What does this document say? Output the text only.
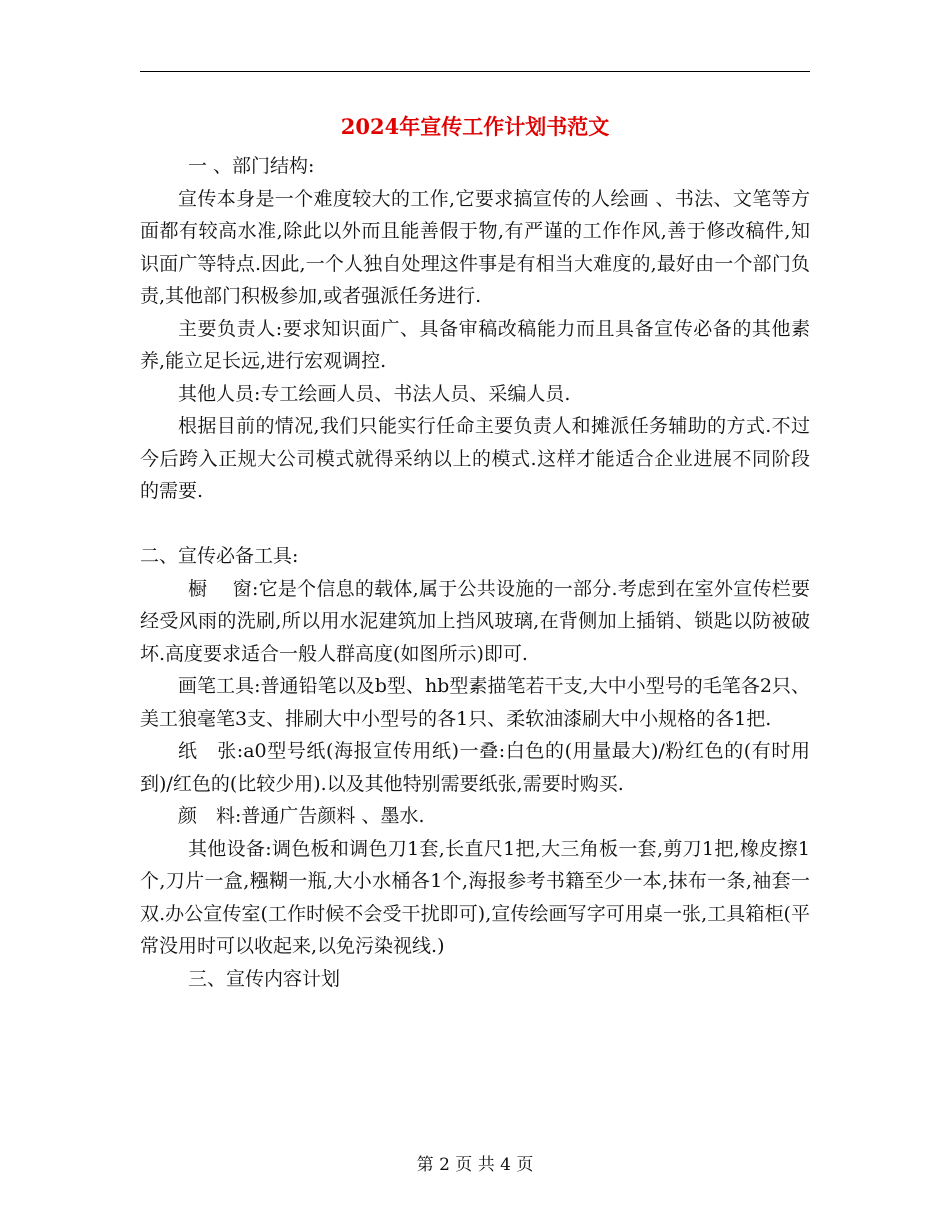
2024年宣传工作计划书范文

一 、部门结构:

宣传本身是一个难度较大的工作,它要求搞宣传的人绘画 、书法、文笔等方面都有较高水准,除此以外而且能善假于物,有严谨的工作作风,善于修改稿件,知识面广等特点.因此,一个人独自处理这件事是有相当大难度的,最好由一个部门负责,其他部门积极参加,或者强派任务进行.

主要负责人:要求知识面广、具备审稿改稿能力而且具备宣传必备的其他素养,能立足长远,进行宏观调控.

其他人员:专工绘画人员、书法人员、采编人员.

根据目前的情况,我们只能实行任命主要负责人和摊派任务辅助的方式.不过今后跨入正规大公司模式就得采纳以上的模式.这样才能适合企业进展不同阶段的需要.

二、宣传必备工具:

橱　 窗:它是个信息的载体,属于公共设施的一部分.考虑到在室外宣传栏要经受风雨的洗刷,所以用水泥建筑加上挡风玻璃,在背侧加上插销、锁匙以防被破坏.高度要求适合一般人群高度(如图所示)即可.

画笔工具:普通铅笔以及b型、hb型素描笔若干支,大中小型号的毛笔各2只、美工狼毫笔3支、排刷大中小型号的各1只、柔软油漆刷大中小规格的各1把.

纸　张:a0型号纸(海报宣传用纸)一叠:白色的(用量最大)/粉红色的(有时用到)/红色的(比较少用).以及其他特别需要纸张,需要时购买.

颜　料:普通广告颜料 、墨水.

其他设备:调色板和调色刀1套,长直尺1把,大三角板一套,剪刀1把,橡皮擦1个,刀片一盒,糨糊一瓶,大小水桶各1个,海报参考书籍至少一本,抹布一条,袖套一双.办公宣传室(工作时候不会受干扰即可),宣传绘画写字可用桌一张,工具箱柜(平常没用时可以收起来,以免污染视线.)

三、宣传内容计划

第 2 页 共 4 页
